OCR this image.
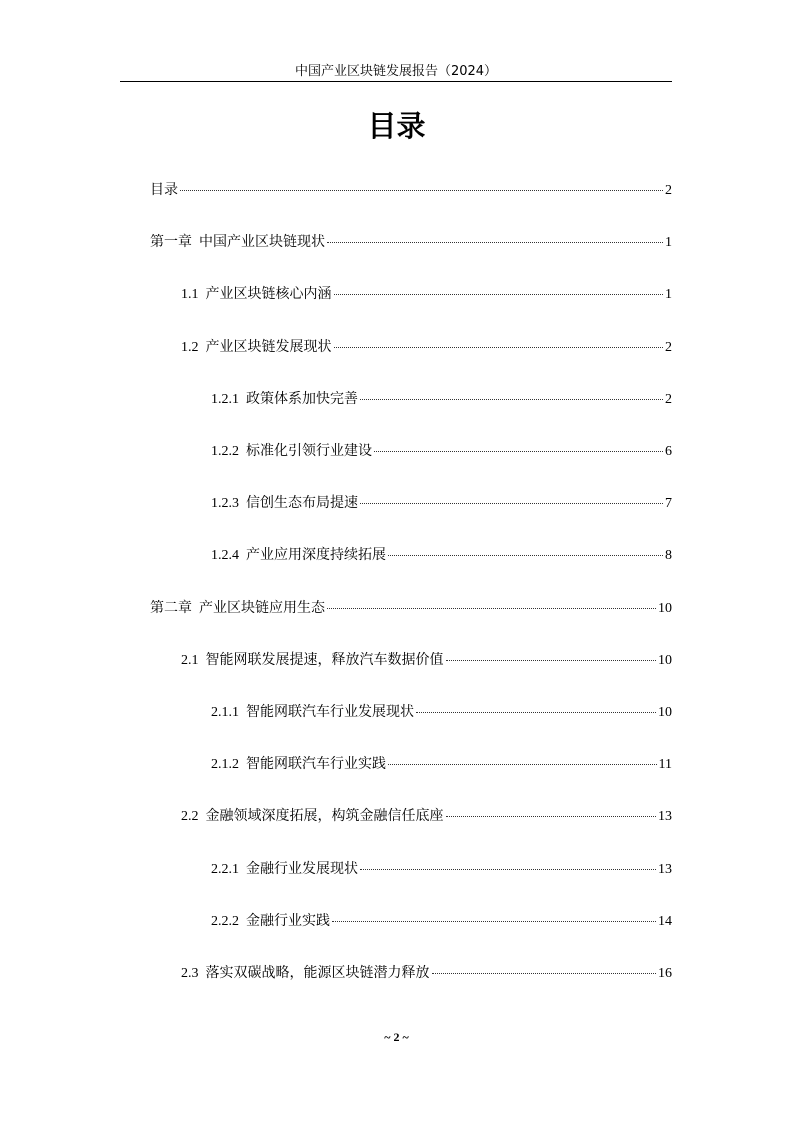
中国产业区块链发展报告（2024）
目录
目录	2
第一章 中国产业区块链现状	1
1.1 产业区块链核心内涵	1
1.2 产业区块链发展现状	2
1.2.1 政策体系加快完善	2
1.2.2 标准化引领行业建设	6
1.2.3 信创生态布局提速	7
1.2.4 产业应用深度持续拓展	8
第二章 产业区块链应用生态	10
2.1 智能网联发展提速，释放汽车数据价值	10
2.1.1 智能网联汽车行业发展现状	10
2.1.2 智能网联汽车行业实践	11
2.2 金融领域深度拓展，构筑金融信任底座	13
2.2.1 金融行业发展现状	13
2.2.2 金融行业实践	14
2.3 落实双碳战略，能源区块链潜力释放	16
~ 2 ~
